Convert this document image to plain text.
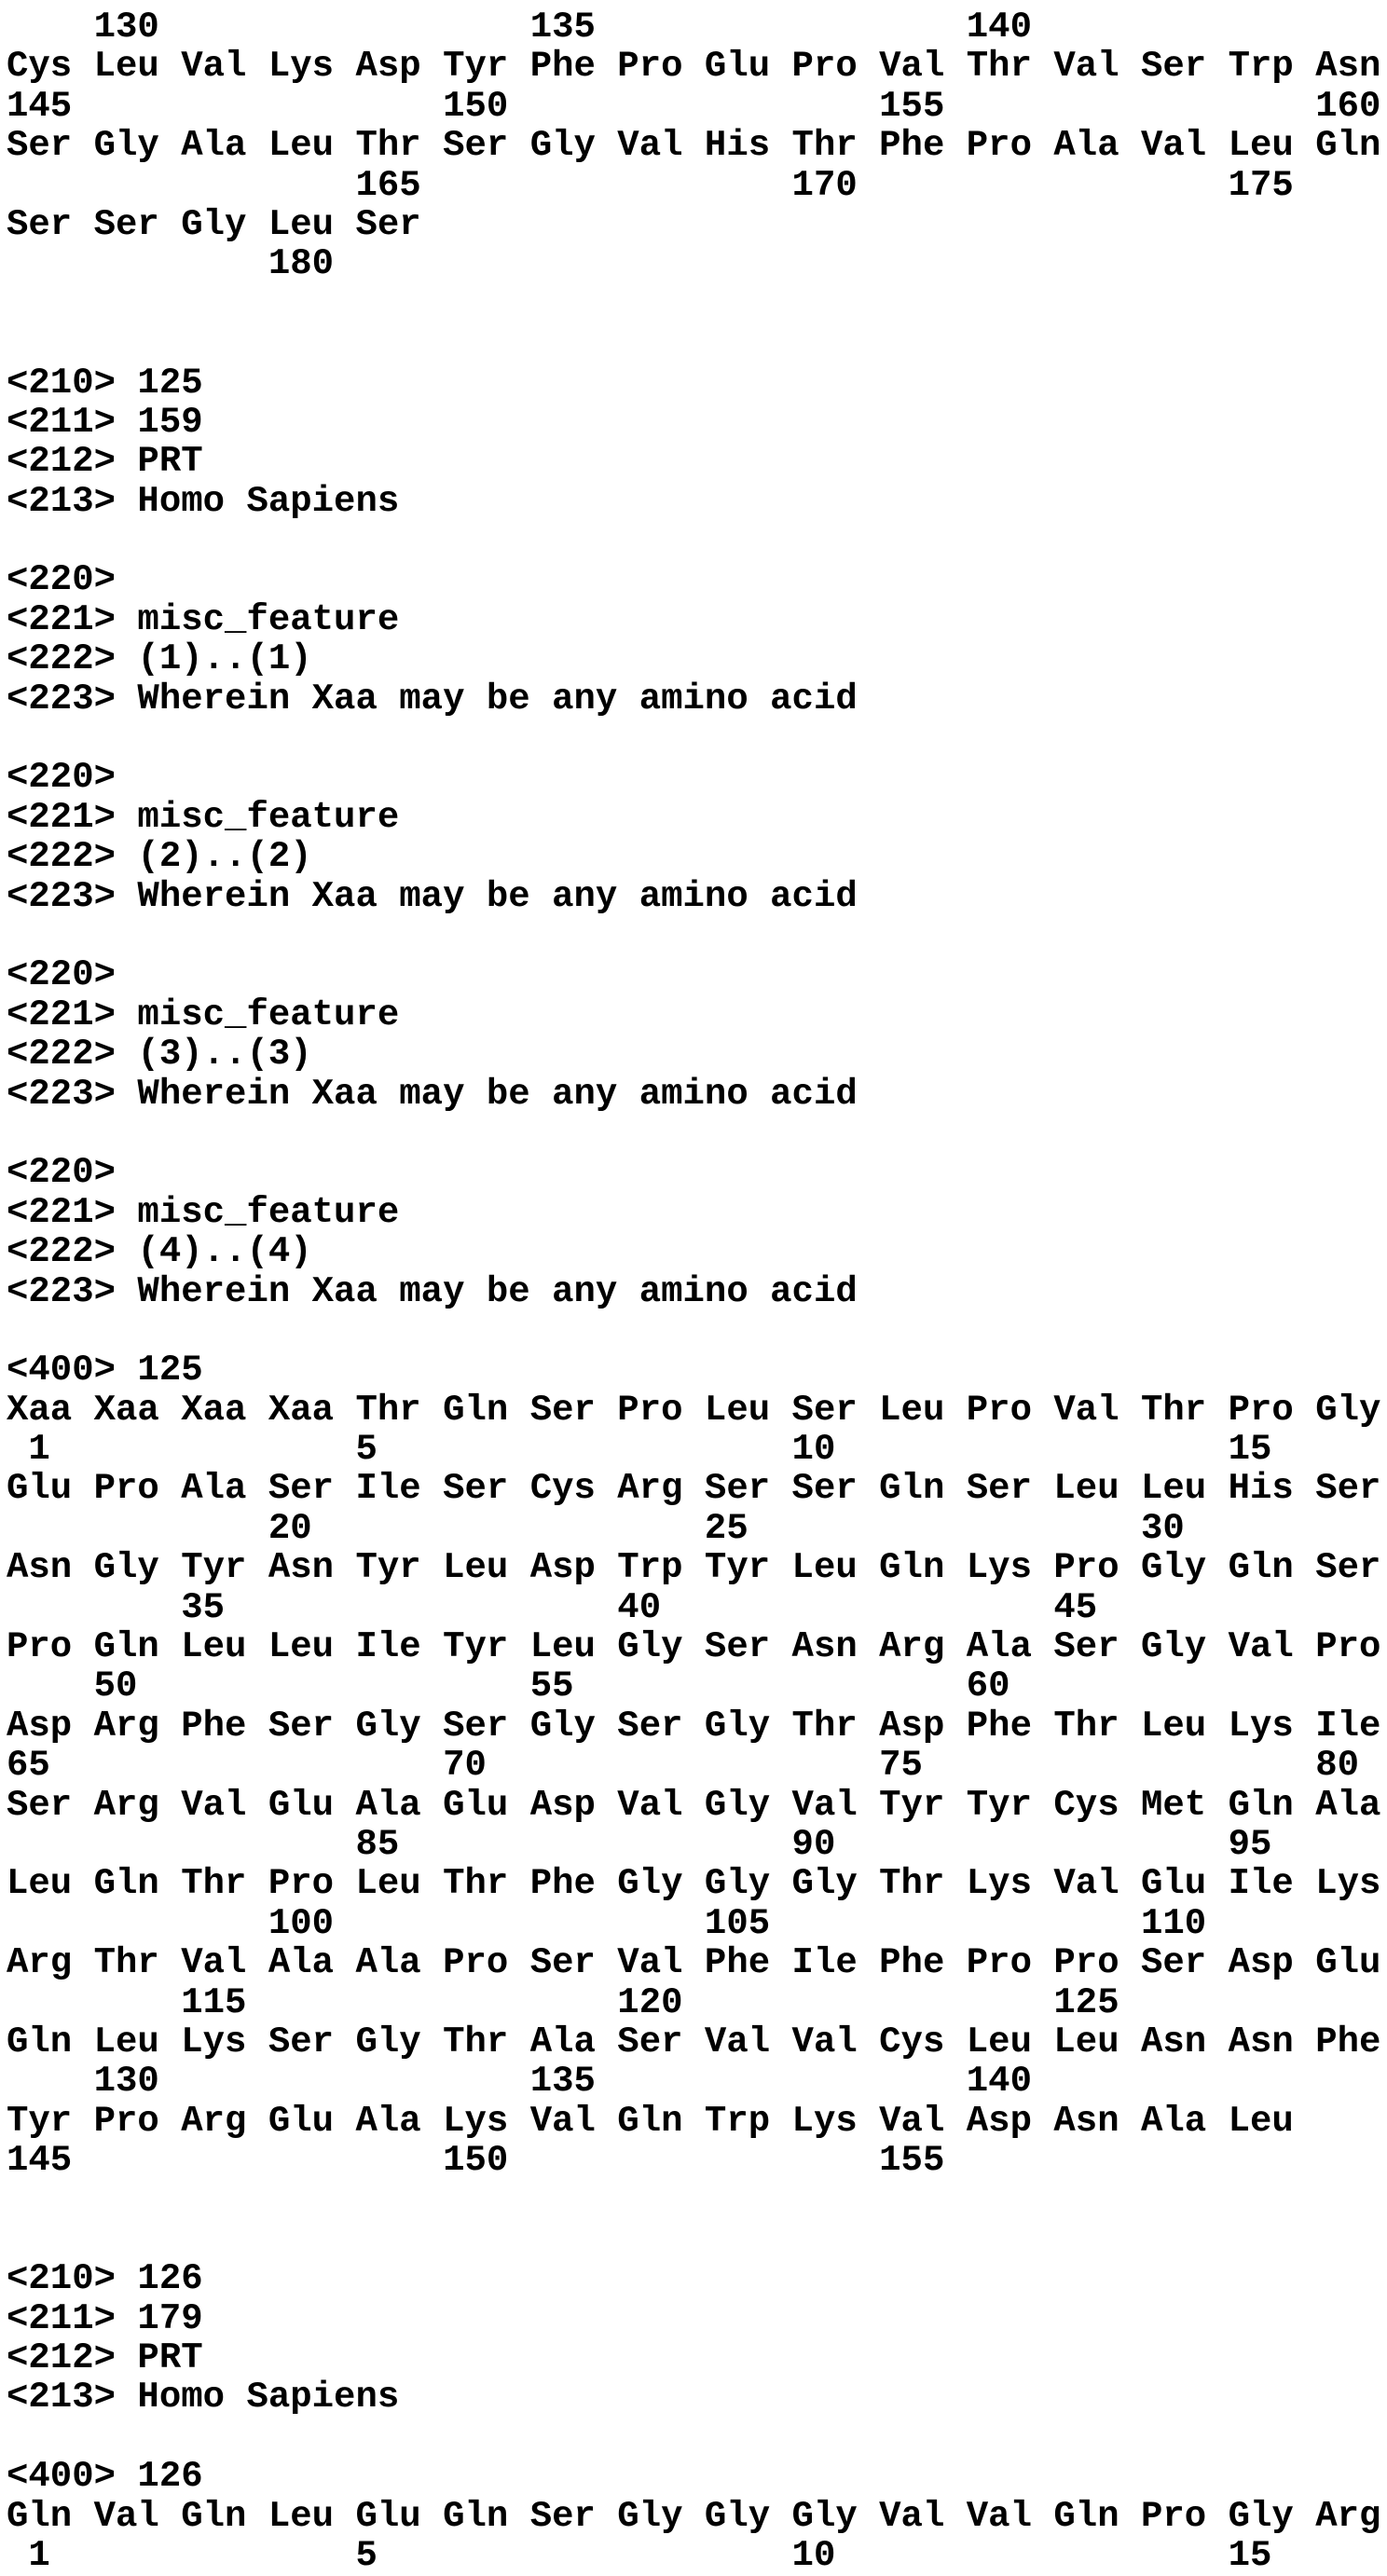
130                 135                 140
Cys Leu Val Lys Asp Tyr Phe Pro Glu Pro Val Thr Val Ser Trp Asn
145                 150                 155                 160
Ser Gly Ala Leu Thr Ser Gly Val His Thr Phe Pro Ala Val Leu Gln
165                 170                 175
Ser Ser Gly Leu Ser
180
<210> 125
<211> 159
<212> PRT
<213> Homo Sapiens
<220>
<221> misc_feature
<222> (1)..(1)
<223> Wherein Xaa may be any amino acid
<220>
<221> misc_feature
<222> (2)..(2)
<223> Wherein Xaa may be any amino acid
<220>
<221> misc_feature
<222> (3)..(3)
<223> Wherein Xaa may be any amino acid
<220>
<221> misc_feature
<222> (4)..(4)
<223> Wherein Xaa may be any amino acid
<400> 125
Xaa Xaa Xaa Xaa Thr Gln Ser Pro Leu Ser Leu Pro Val Thr Pro Gly
1              5                   10                  15
Glu Pro Ala Ser Ile Ser Cys Arg Ser Ser Gln Ser Leu Leu His Ser
20                  25                  30
Asn Gly Tyr Asn Tyr Leu Asp Trp Tyr Leu Gln Lys Pro Gly Gln Ser
35                  40                  45
Pro Gln Leu Leu Ile Tyr Leu Gly Ser Asn Arg Ala Ser Gly Val Pro
50                  55                  60
Asp Arg Phe Ser Gly Ser Gly Ser Gly Thr Asp Phe Thr Leu Lys Ile
65                  70                  75                  80
Ser Arg Val Glu Ala Glu Asp Val Gly Val Tyr Tyr Cys Met Gln Ala
85                  90                  95
Leu Gln Thr Pro Leu Thr Phe Gly Gly Gly Thr Lys Val Glu Ile Lys
100                 105                 110
Arg Thr Val Ala Ala Pro Ser Val Phe Ile Phe Pro Pro Ser Asp Glu
115                 120                 125
Gln Leu Lys Ser Gly Thr Ala Ser Val Val Cys Leu Leu Asn Asn Phe
130                 135                 140
Tyr Pro Arg Glu Ala Lys Val Gln Trp Lys Val Asp Asn Ala Leu
145                 150                 155
<210> 126
<211> 179
<212> PRT
<213> Homo Sapiens
<400> 126
Gln Val Gln Leu Glu Gln Ser Gly Gly Gly Val Val Gln Pro Gly Arg
1              5                   10                  15
